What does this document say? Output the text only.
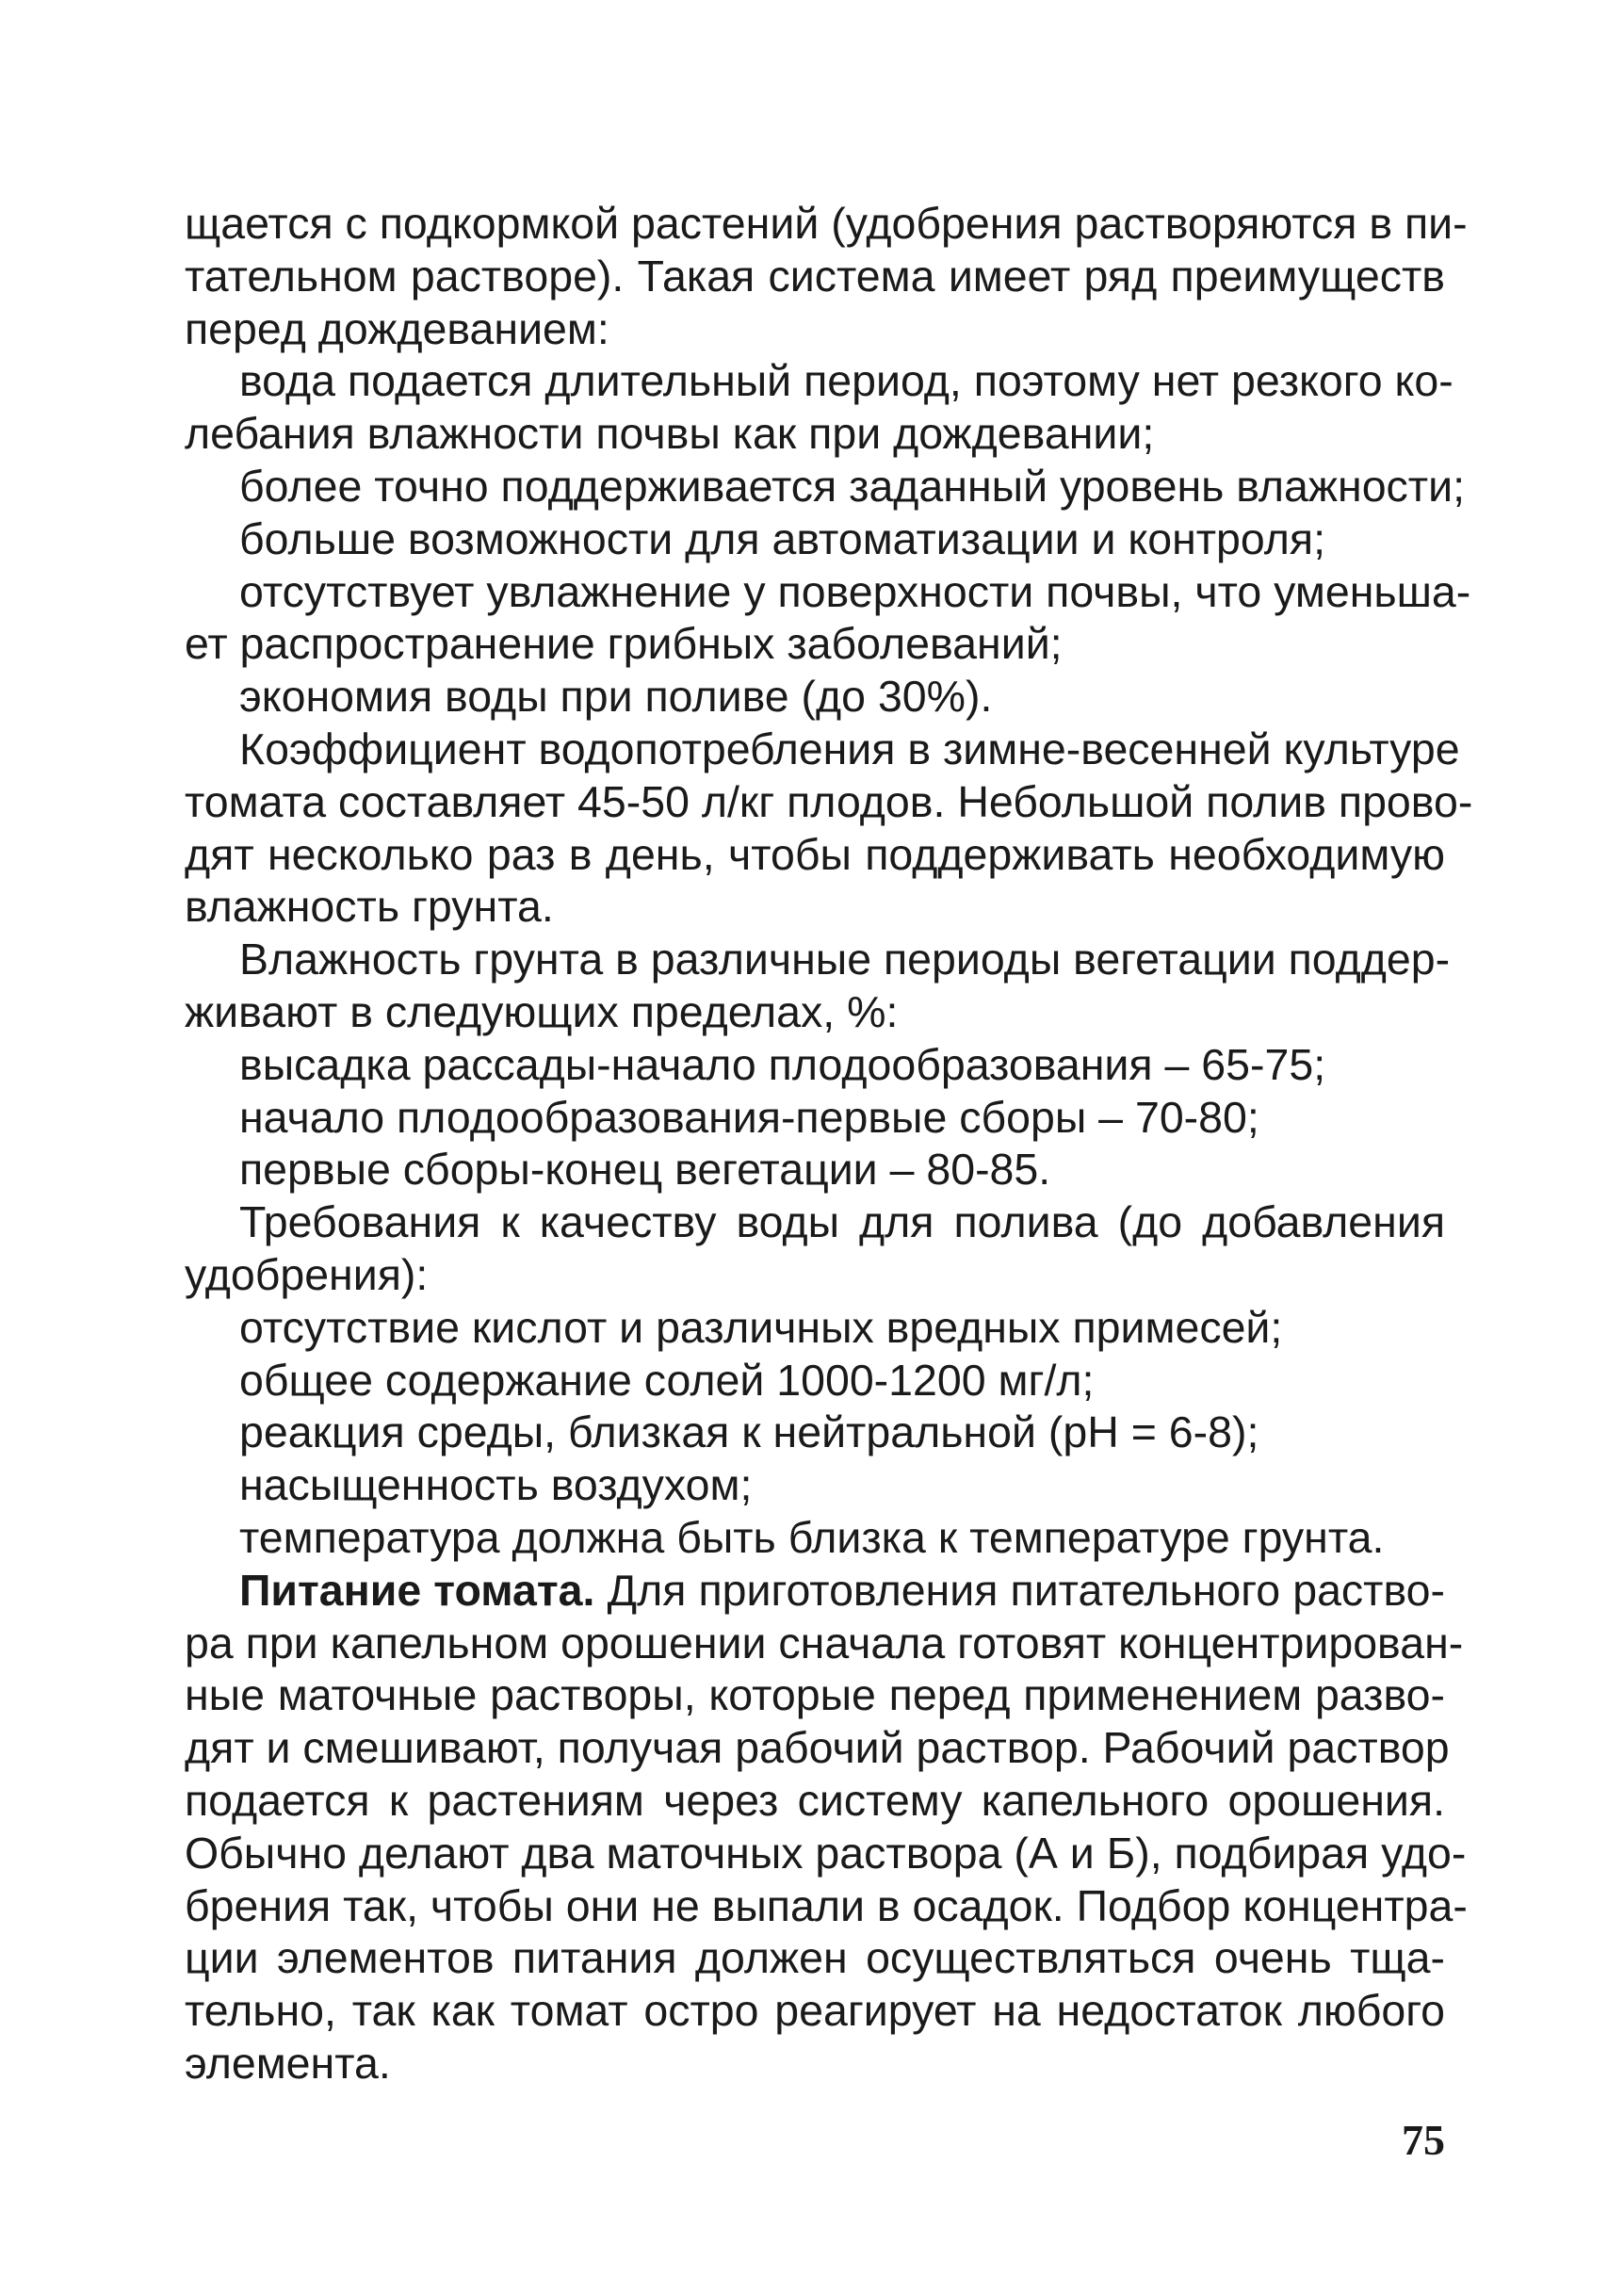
щается с подкормкой растений (удобрения растворяются в пи-
тательном растворе). Такая система имеет ряд преимуществ
перед дождеванием:
вода подается длительный период, поэтому нет резкого ко-
лебания влажности почвы как при дождевании;
более точно поддерживается заданный уровень влажности;
больше возможности для автоматизации и контроля;
отсутствует увлажнение у поверхности почвы, что уменьша-
ет распространение грибных заболеваний;
экономия воды при поливе (до 30%).
Коэффициент водопотребления в зимне-весенней культуре
томата составляет 45-50 л/кг плодов. Небольшой полив прово-
дят несколько раз в день, чтобы поддерживать необходимую
влажность грунта.
Влажность грунта в различные периоды вегетации поддер-
живают в следующих пределах, %:
высадка рассады-начало плодообразования – 65-75;
начало плодообразования-первые сборы – 70-80;
первые сборы-конец вегетации – 80-85.
Требования к качеству воды для полива (до добавления
удобрения):
отсутствие кислот и различных вредных примесей;
общее содержание солей 1000-1200 мг/л;
реакция среды, близкая к нейтральной (pH = 6-8);
насыщенность воздухом;
температура должна быть близка к температуре грунта.
Питание томата. Для приготовления питательного раство-
ра при капельном орошении сначала готовят концентрирован-
ные маточные растворы, которые перед применением разво-
дят и смешивают, получая рабочий раствор. Рабочий раствор
подается к растениям через систему капельного орошения.
Обычно делают два маточных раствора (А и Б), подбирая удо-
брения так, чтобы они не выпали в осадок. Подбор концентра-
ции элементов питания должен осуществляться очень тща-
тельно, так как томат остро реагирует на недостаток любого
элемента.
75
